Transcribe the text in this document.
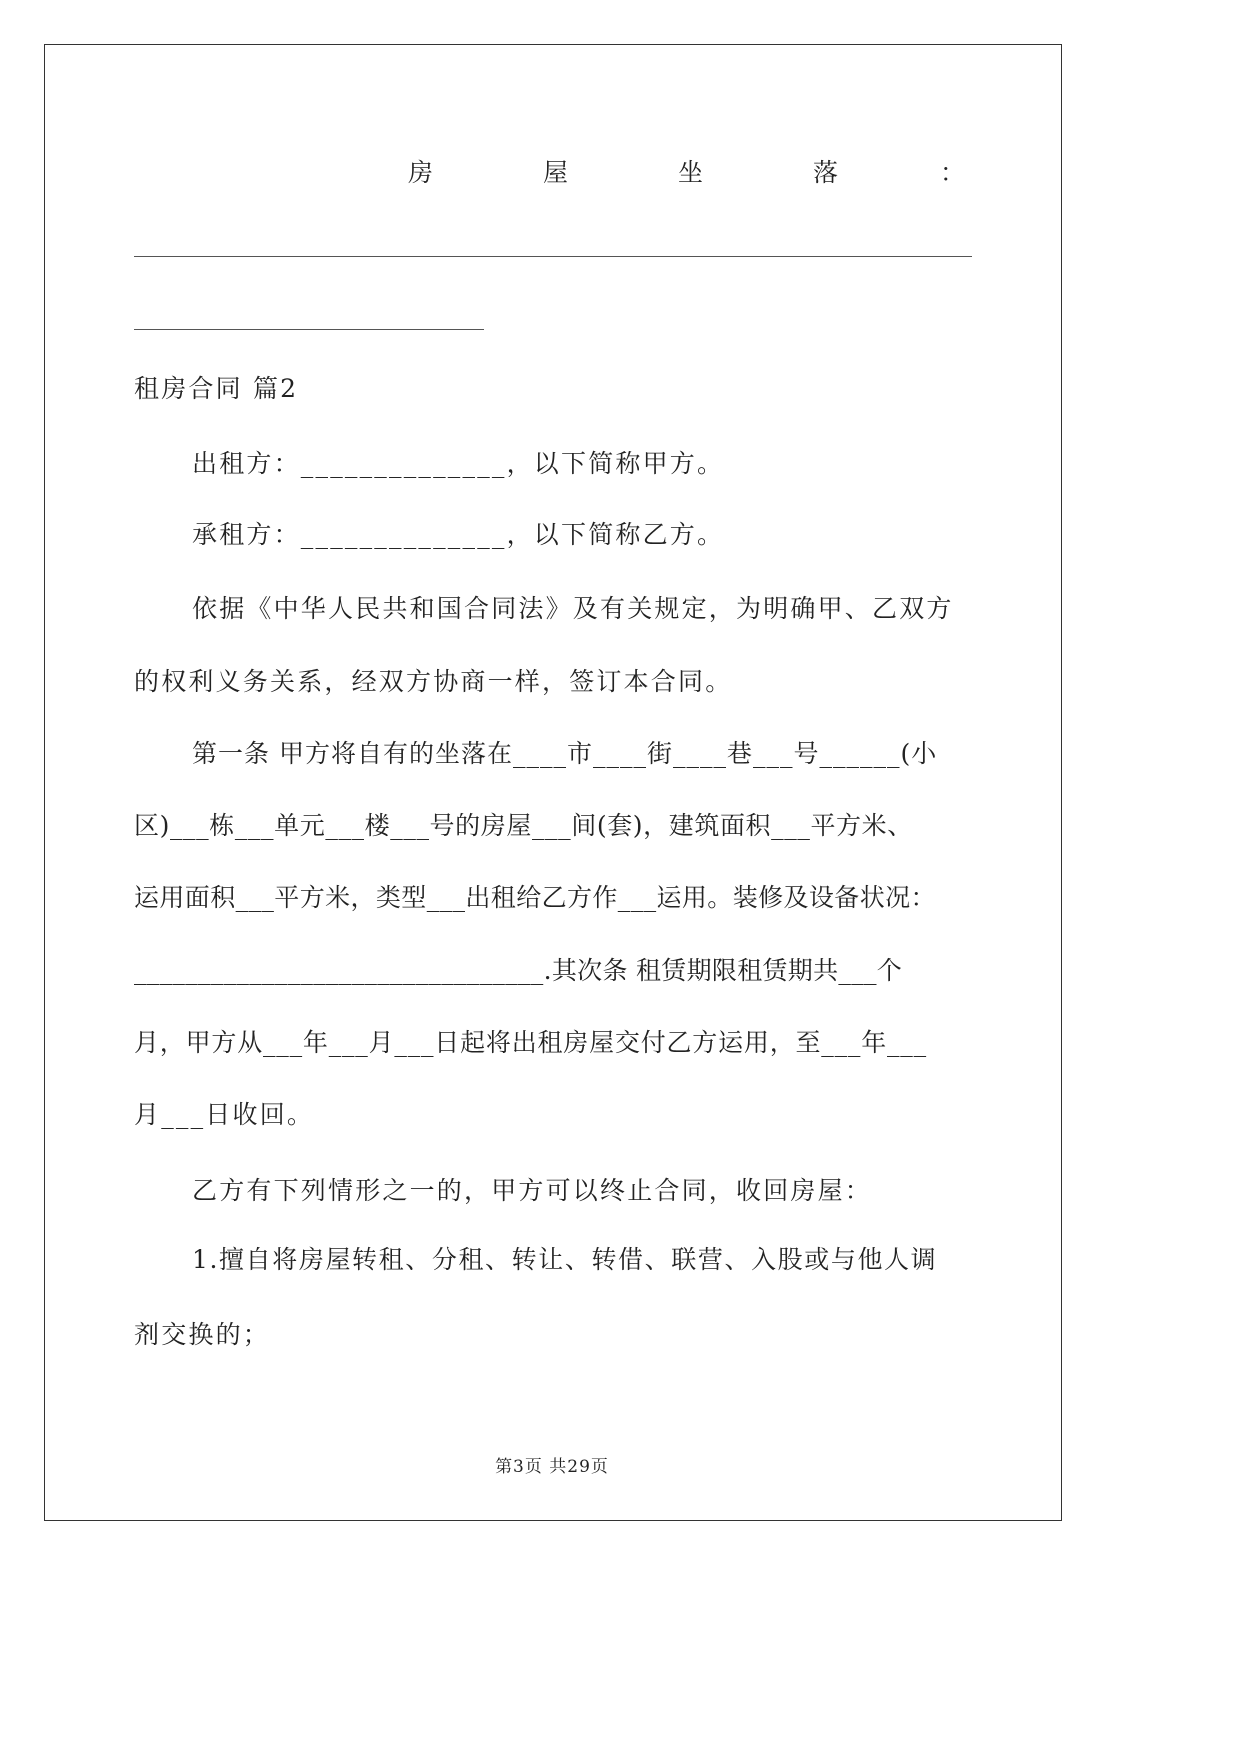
房	屋	坐	落	：
租房合同 篇2
出租方：______________，以下简称甲方。
承租方：______________，以下简称乙方。
依据《中华人民共和国合同法》及有关规定，为明确甲、乙双方
的权利义务关系，经双方协商一样，签订本合同。
第一条 甲方将自有的坐落在____市____街____巷___号______(小
区)___栋___单元___楼___号的房屋___间(套)，建筑面积___平方米、
运用面积___平方米，类型___出租给乙方作___运用。装修及设备状况：
________________________________.其次条 租赁期限租赁期共___个
月，甲方从___年___月___日起将出租房屋交付乙方运用，至___年___
月___日收回。
乙方有下列情形之一的，甲方可以终止合同，收回房屋：
1.擅自将房屋转租、分租、转让、转借、联营、入股或与他人调
剂交换的；
第3页 共29页
